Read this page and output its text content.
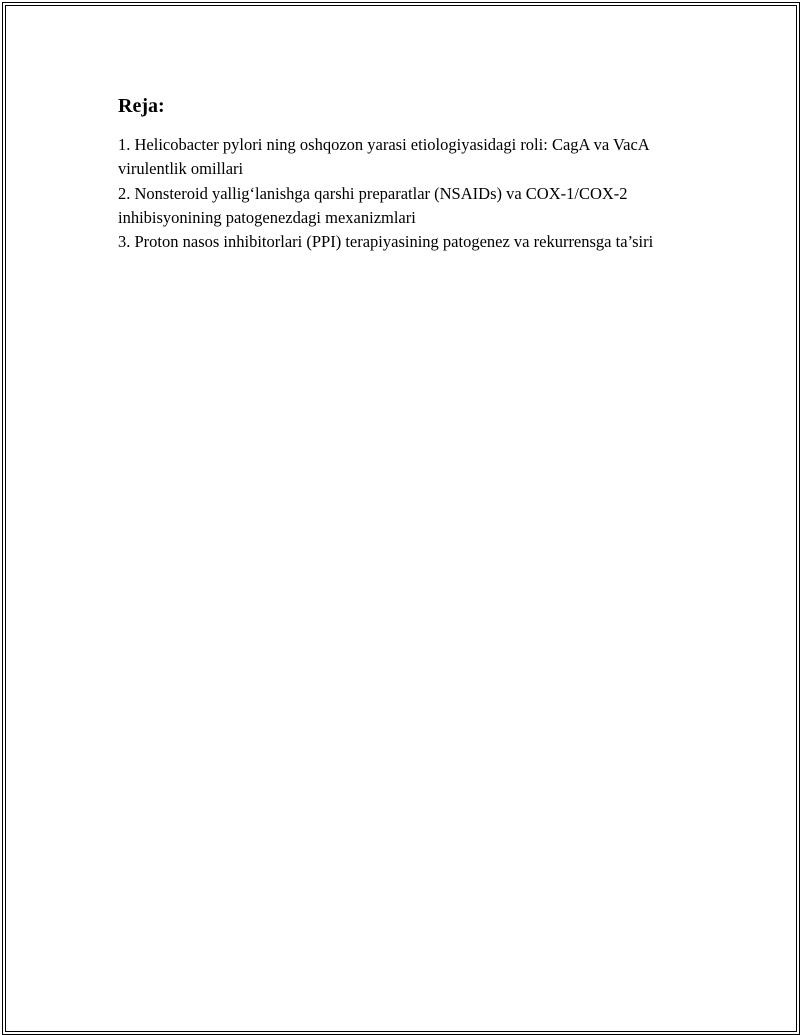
Reja:
1. Helicobacter pylori ning oshqozon yarasi etiologiyasidagi roli: CagA va VacA virulentlik omillari
2. Nonsteroid yallig‘lanishga qarshi preparatlar (NSAIDs) va COX-1/COX-2 inhibisyonining patogenezdagi mexanizmlari
3. Proton nasos inhibitorlari (PPI) terapiyasining patogenez va rekurrensga ta’siri
